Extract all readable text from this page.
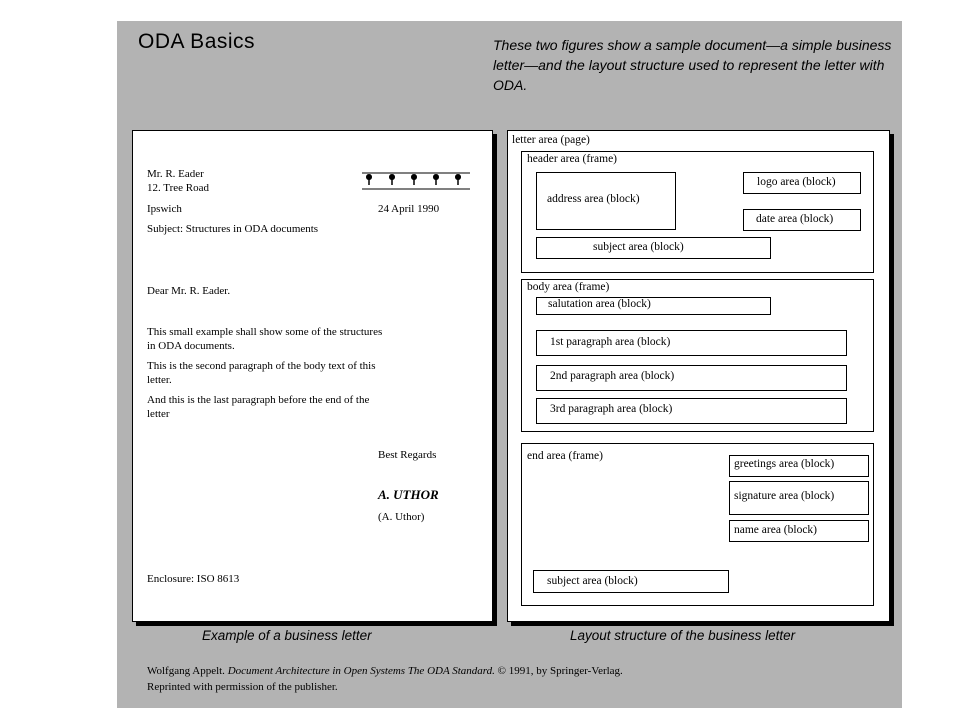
ODA Basics	These two figures show a sample document—a simple business letter—and the layout structure used to represent the letter with ODA.
Mr. R. Eader
12. Tree Road
Ipswich	24 April 1990
Subject: Structures in ODA documents
Dear Mr. R. Eader.
This small example shall show some of the structures in ODA documents.
This is the second paragraph of the body text of this letter.
And this is the last paragraph before the end of the letter
Best Regards
A. UTHOR
(A. Uthor)
Enclosure: ISO 8613
Example of a business letter
letter area (page)
header area (frame)
address area (block)
logo area (block)
date area (block)
subject area (block)
body area (frame)
salutation area (block)
1st paragraph area (block)
2nd paragraph area (block)
3rd paragraph area (block)
end area (frame)
greetings area (block)
signature area (block)
name area (block)
subject area (block)
Layout structure of the business letter
Wolfgang Appelt. Document Architecture in Open Systems The ODA Standard. © 1991, by Springer-Verlag.
Reprinted with permission of the publisher.
